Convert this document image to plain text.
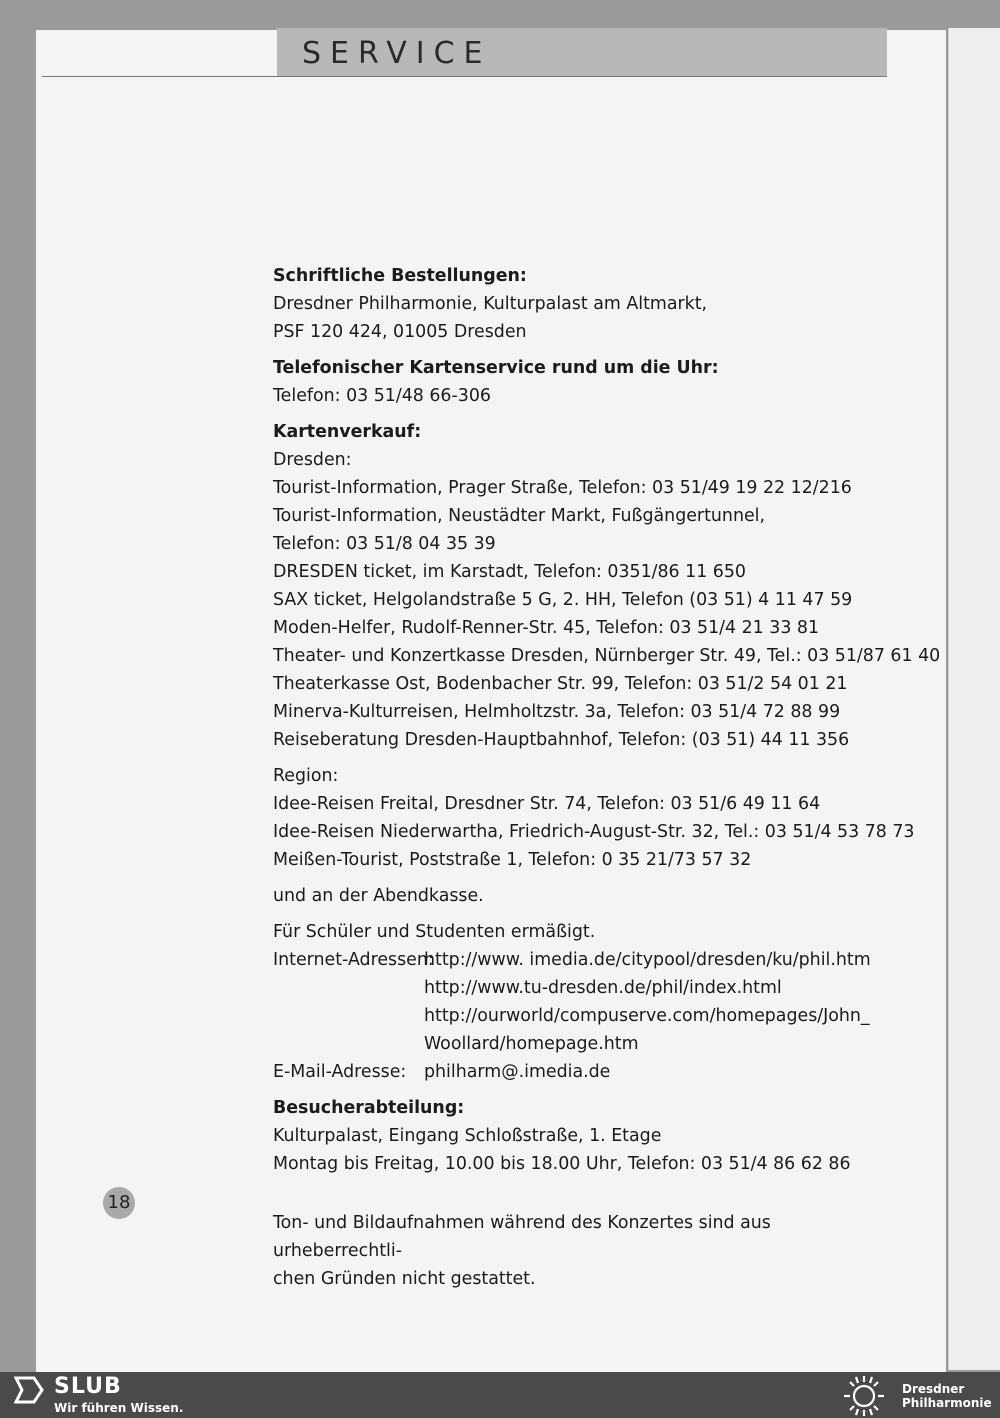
SERVICE
Schriftliche Bestellungen:
Dresdner Philharmonie, Kulturpalast am Altmarkt,
PSF 120 424, 01005 Dresden
Telefonischer Kartenservice rund um die Uhr:
Telefon: 03 51/48 66-306
Kartenverkauf:
Dresden:
Tourist-Information, Prager Straße, Telefon: 03 51/49 19 22 12/216
Tourist-Information, Neustädter Markt, Fußgängertunnel,
Telefon: 03 51/8 04 35 39
DRESDEN ticket, im Karstadt, Telefon: 0351/86 11 650
SAX ticket, Helgolandstraße 5 G, 2. HH, Telefon (03 51) 4 11 47 59
Moden-Helfer, Rudolf-Renner-Str. 45, Telefon: 03 51/4 21 33 81
Theater- und Konzertkasse Dresden, Nürnberger Str. 49, Tel.: 03 51/87 61 40
Theaterkasse Ost, Bodenbacher Str. 99, Telefon: 03 51/2 54 01 21
Minerva-Kulturreisen, Helmholtzstr. 3a, Telefon: 03 51/4 72 88 99
Reiseberatung Dresden-Hauptbahnhof, Telefon: (03 51) 44 11 356
Region:
Idee-Reisen Freital, Dresdner Str. 74, Telefon: 03 51/6 49 11 64
Idee-Reisen Niederwartha, Friedrich-August-Str. 32, Tel.: 03 51/4 53 78 73
Meißen-Tourist, Poststraße 1, Telefon: 0 35 21/73 57 32
und an der Abendkasse.
Für Schüler und Studenten ermäßigt.
Internet-Adressen:
http://www. imedia.de/citypool/dresden/ku/phil.htm
http://www.tu-dresden.de/phil/index.html
http://ourworld/compuserve.com/homepages/John_
Woollard/homepage.htm
E-Mail-Adresse:	philharm@.imedia.de
Besucherabteilung:
Kulturpalast, Eingang Schloßstraße, 1. Etage
Montag bis Freitag, 10.00 bis 18.00 Uhr, Telefon: 03 51/4 86 62 86
18
Ton- und Bildaufnahmen während des Konzertes sind aus urheberrechtli-
chen Gründen nicht gestattet.
SLUB
Wir führen Wissen.
Dresdner
Philharmonie
